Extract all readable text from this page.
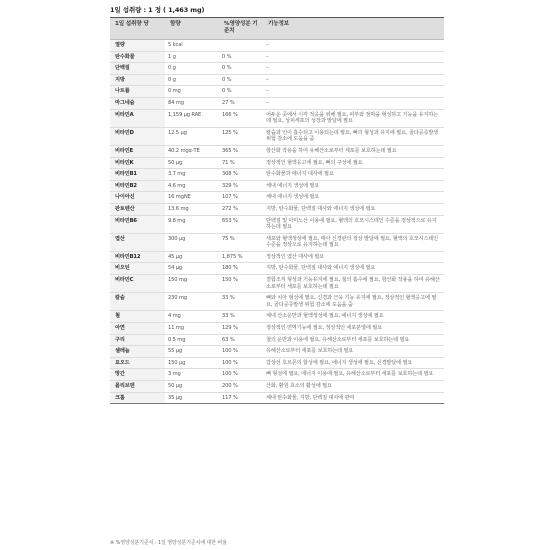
1일 섭취량 : 1 정 ( 1,463 mg)
1일 섭취량 당	함량	%영양성분 기준치	기능정보
열량	5 kcal		–
탄수화물	1 g	0 %	–
단백질	0 g	0 %	–
지방	0 g	0 %	–
나트륨	0 mg	0 %	–
마그네슘	84 mg	27 %	–
비타민A	1,159 μg RAE	166 %	어두운 곳에서 시각 적응을 위해 필요, 피부와 점막을 형성하고 기능을 유지하는데 필요, 상피세포의 성장과 발달에 필요
비타민D	12.5 μg	125 %	칼슘과 인이 흡수되고 이용되는데 필요, 뼈의 형성과 유지에 필요, 골다공증발생 위험 감소에 도움을 줌
비타민E	40.2 mgα-TE	365 %	항산화 작용을 하여 유해산소로부터 세포를 보호하는데 필요
비타민K	50 μg	71 %	정상적인 혈액응고에 필요, 뼈의 구성에 필요
비타민B1	3.7 mg	308 %	탄수화물과 에너지 대사에 필요
비타민B2	4.6 mg	329 %	체내 에너지 생성에 필요
나이아신	16 mgNE	107 %	체내 에너지 생성에 필요
판토텐산	13.6 mg	272 %	지방, 탄수화물, 단백질 대사와 에너지 생성에 필요
비타민B6	9.8 mg	653 %	단백질 및 아미노산 이용에 필요, 혈액의 호모시스테인 수준을 정상적으로 유지하는데 필요
엽산	300 μg	75 %	세포와 혈액생성에 필요, 태아 신경관의 정상 발달에 필요, 혈액의 호모시스테인 수준을 정상으로 유지하는데 필요
비타민B12	45 μg	1,875 %	정상적인 엽산 대사에 필요
비오틴	54 μg	180 %	지방, 탄수화물, 단백질 대사와 에너지 생성에 필요
비타민C	150 mg	150 %	결합조직 형성과 기능유지에 필요, 철의 흡수에 필요, 항산화 작용을 하여 유해산소로부터 세포를 보호하는데 필요
칼슘	230 mg	33 %	뼈와 치아 형성에 필요, 신경과 근육 기능 유지에 필요, 정상적인 혈액응고에 필요, 골다공증발생 위험 감소에 도움을 줌
철	4 mg	33 %	체내 산소운반과 혈액생성에 필요, 에너지 생성에 필요
아연	11 mg	129 %	정상적인 면역기능에 필요, 정상적인 세포분열에 필요
구리	0.5 mg	63 %	철의 운반과 이용에 필요, 유해산소로부터 세포를 보호하는데 필요
셀레늄	55 μg	100 %	유해산소로부터 세포를 보호하는데 필요
요오드	150 μg	100 %	갑상선 호르몬의 합성에 필요, 에너지 생성에 필요, 신경발달에 필요
망간	3 mg	100 %	뼈 형성에 필요, 에너지 이용에 필요, 유해산소로부터 세포를 보호하는데 필요
몰리브덴	50 μg	200 %	산화, 환원 효소의 활성에 필요
크롬	35 μg	117 %	체내 탄수화물, 지방, 단백질 대사에 관여
※ %영양성분기준치 : 1일 영양성분기준치에 대한 비율
